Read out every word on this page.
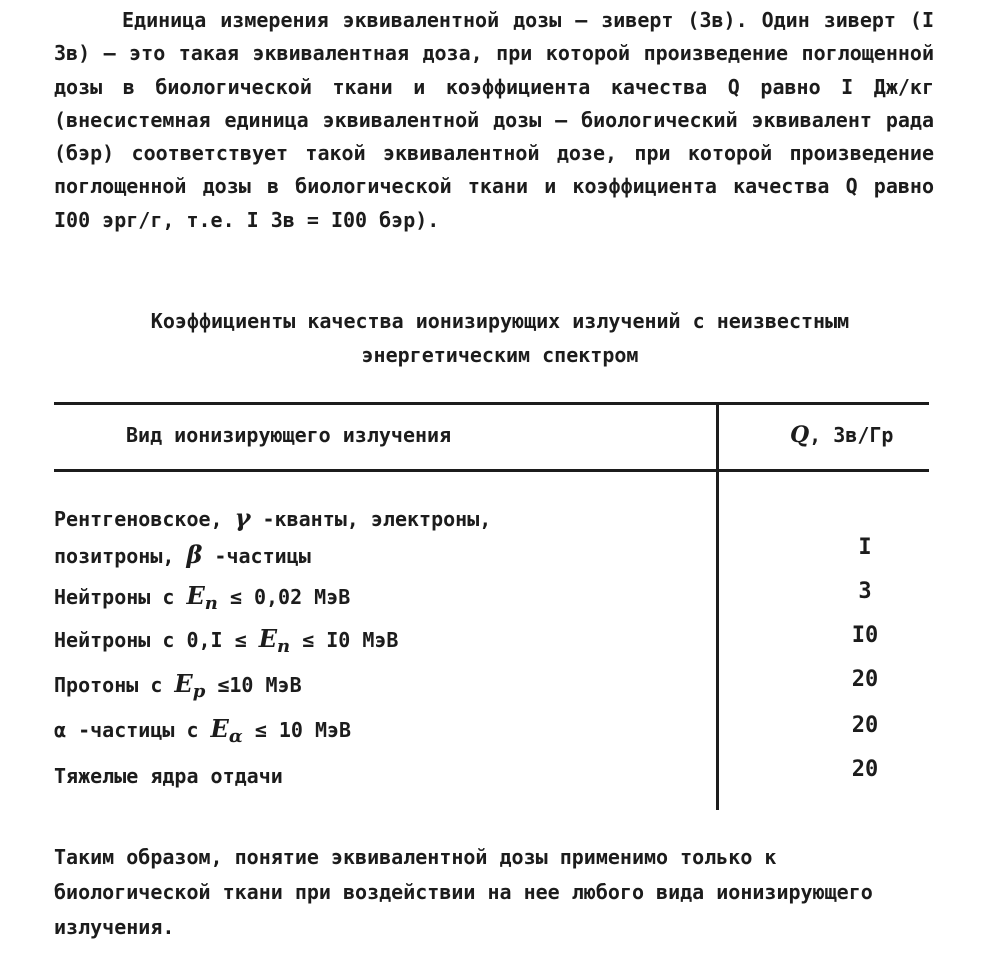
Единица измерения эквивалентной дозы – зиверт (Зв). Один зиверт (I Зв) – это такая эквивалентная доза, при которой произведение поглощенной дозы в биологической ткани и коэффициента качества Q равно I Дж/кг (внесистемная единица эквивалентной дозы – биологический эквивалент рада (бэр) соответствует такой эквивалентной дозе, при которой произведение поглощенной дозы в биологической ткани и коэффициента качества Q равно I00 эрг/г, т.е. I Зв = I00 бэр).

Коэффициенты качества ионизирующих излучений с неизвестным
энергетическим спектром
Вид ионизирующего излучения	Q, Зв/Гр
Рентгеновское, γ -кванты, электроны,
позитроны, β -частицы	I
Нейтроны с $E_n \le 0,02$ МэВ	3
Нейтроны с $0,I \le E_n \le I0$ МэВ	I0
Протоны с $E_p \le 10$ МэВ	20
α -частицы с $E_\alpha \le 10$ МэВ	20
Тяжелые ядра отдачи	20

Таким образом, понятие эквивалентной дозы применимо только к биологической ткани при воздействии на нее любого вида ионизирующего излучения.
